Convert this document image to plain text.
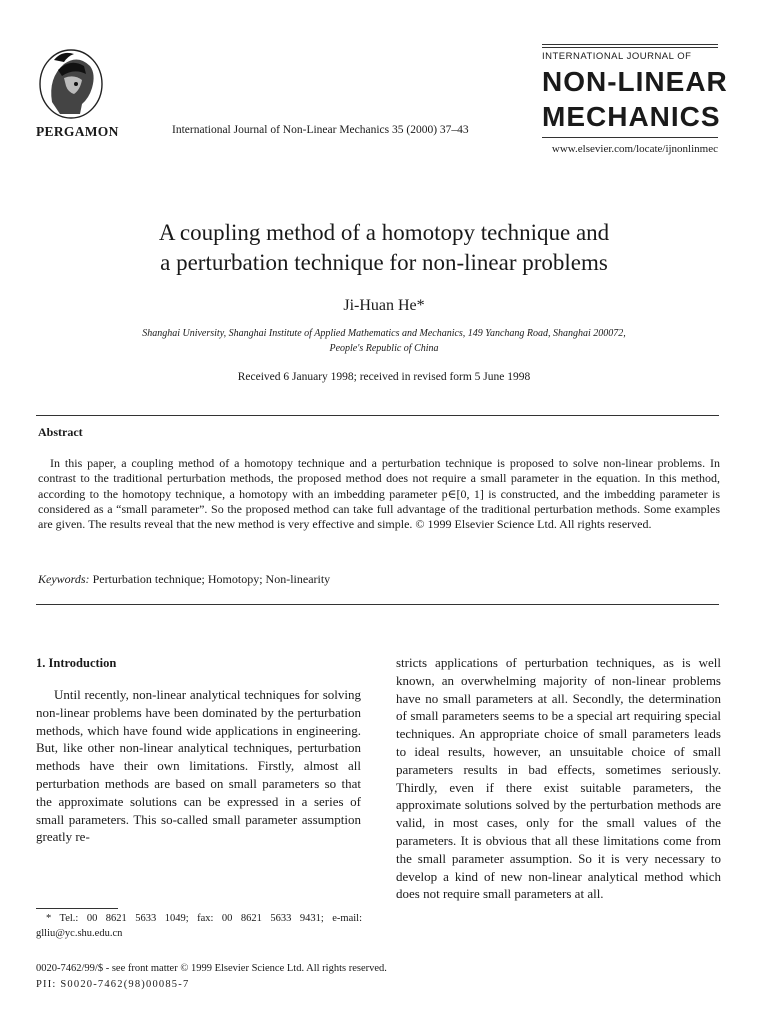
PERGAMON	International Journal of Non-Linear Mechanics 35 (2000) 37–43
INTERNATIONAL JOURNAL OF
NON-LINEAR
MECHANICS
www.elsevier.com/locate/ijnonlinmec
A coupling method of a homotopy technique and
a perturbation technique for non-linear problems
Ji-Huan He*
Shanghai University, Shanghai Institute of Applied Mathematics and Mechanics, 149 Yanchang Road, Shanghai 200072,
People's Republic of China
Received 6 January 1998; received in revised form 5 June 1998
Abstract

In this paper, a coupling method of a homotopy technique and a perturbation technique is proposed to solve non-linear problems. In contrast to the traditional perturbation methods, the proposed method does not require a small parameter in the equation. In this method, according to the homotopy technique, a homotopy with an imbedding parameter p∈[0, 1] is constructed, and the imbedding parameter is considered as a “small parameter”. So the proposed method can take full advantage of the traditional perturbation methods. Some examples are given. The results reveal that the new method is very effective and simple. © 1999 Elsevier Science Ltd. All rights reserved.

Keywords: Perturbation technique; Homotopy; Non-linearity
1. Introduction

Until recently, non-linear analytical techniques for solving non-linear problems have been dominated by the perturbation methods, which have found wide applications in engineering. But, like other non-linear analytical techniques, perturbation methods have their own limitations. Firstly, almost all perturbation methods are based on small parameters so that the approximate solutions can be expressed in a series of small parameters. This so-called small parameter assumption greatly re-

stricts applications of perturbation techniques, as is well known, an overwhelming majority of non-linear problems have no small parameters at all. Secondly, the determination of small parameters seems to be a special art requiring special techniques. An appropriate choice of small parameters leads to ideal results, however, an unsuitable choice of small parameters results in bad effects, sometimes seriously. Thirdly, even if there exist suitable parameters, the approximate solutions solved by the perturbation methods are valid, in most cases, only for the small values of the parameters. It is obvious that all these limitations come from the small parameter assumption. So it is very necessary to develop a kind of new non-linear analytical method which does not require small parameters at all.

* Tel.: 00 8621 5633 1049; fax: 00 8621 5633 9431; e-mail: glliu@yc.shu.edu.cn

0020-7462/99/$ - see front matter © 1999 Elsevier Science Ltd. All rights reserved.
PII: S0020-7462(98)00085-7
